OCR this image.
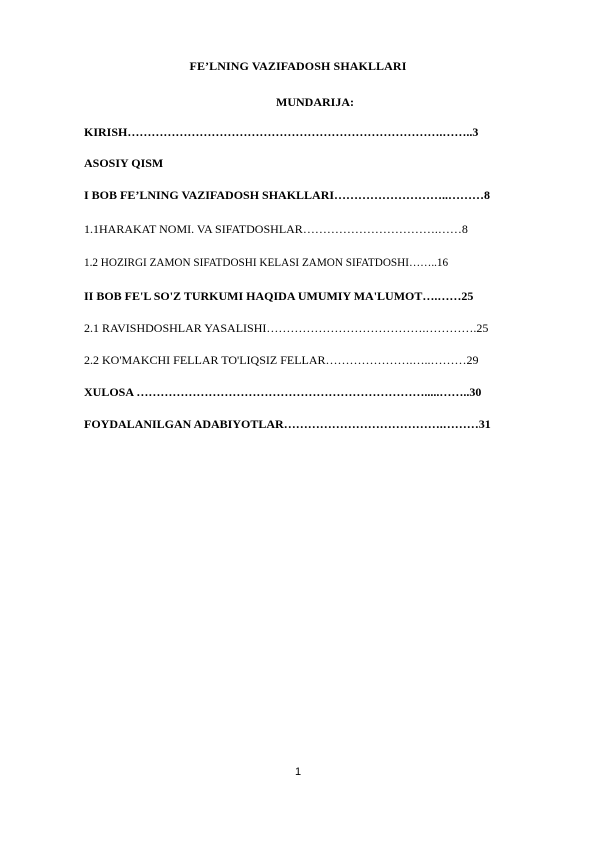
FE’LNING VAZIFADOSH SHAKLLARI
MUNDARIJA:
KIRISH…………………………………………………………………….……..3
ASOSIY QISM
I BOB FE’LNING VAZIFADOSH SHAKLLARI………………………..………8
1.1HARAKAT NOMI. VA SIFATDOSHLAR…………………………….……8
1.2 HOZIRGI ZAMON SIFATDOSHI KELASI ZAMON SIFATDOSHI……..16
II BOB FE'L SO'Z TURKUMI HAQIDA UMUMIY MA'LUMOT….……25
2.1 RAVISHDOSHLAR YASALISHI………………………………….………….25
2.2 KO'MAKCHI FELLAR TO'LIQSIZ FELLAR………………….…..………29
XULOSA ……………………………………………………………….....……..30
FOYDALANILGAN ADABIYOTLAR………………………………….………31
1
